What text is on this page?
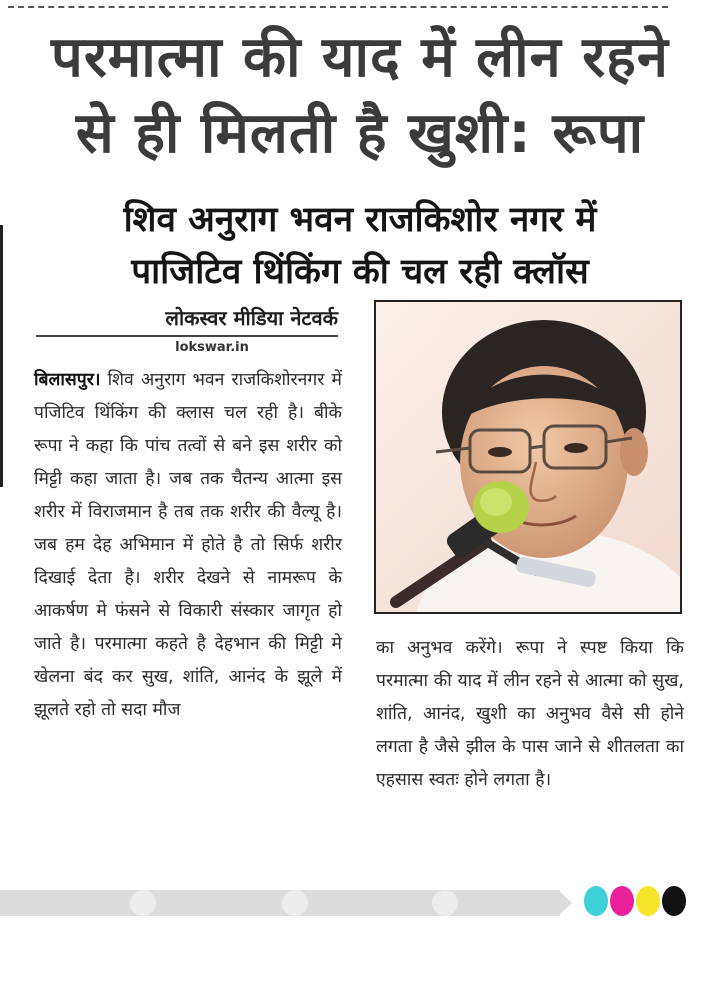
परमात्मा की याद में लीन रहने
से ही मिलती है खुशी: रूपा
शिव अनुराग भवन राजकिशोर नगर में
पाजिटिव थिंकिंग की चल रही क्लॉस
लोकस्वर मीडिया नेटवर्क
lokswar.in

बिलासपुर। शिव अनुराग भवन राजकिशोरनगर में पजिटिव थिंकिंग की क्लास चल रही है। बीके रूपा ने कहा कि पांच तत्वों से बने इस शरीर को मिट्टी कहा जाता है। जब तक चैतन्य आत्मा इस शरीर में विराजमान है तब तक शरीर की वैल्यू है। जब हम देह अभिमान में होते है तो सिर्फ शरीर दिखाई देता है। शरीर देखने से नामरूप के आकर्षण मे फंसने से विकारी संस्कार जागृत हो जाते है। परमात्मा कहते है देहभान की मिट्टी मे खेलना बंद कर सुख, शांति, आनंद के झूले में झूलते रहो तो सदा मौज

का अनुभव करेंगे। रूपा ने स्पष्ट किया कि परमात्मा की याद में लीन रहने से आत्मा को सुख, शांति, आनंद, खुशी का अनुभव वैसे सी होने लगता है जैसे झील के पास जाने से शीतलता का एहसास स्वतः होने लगता है।
